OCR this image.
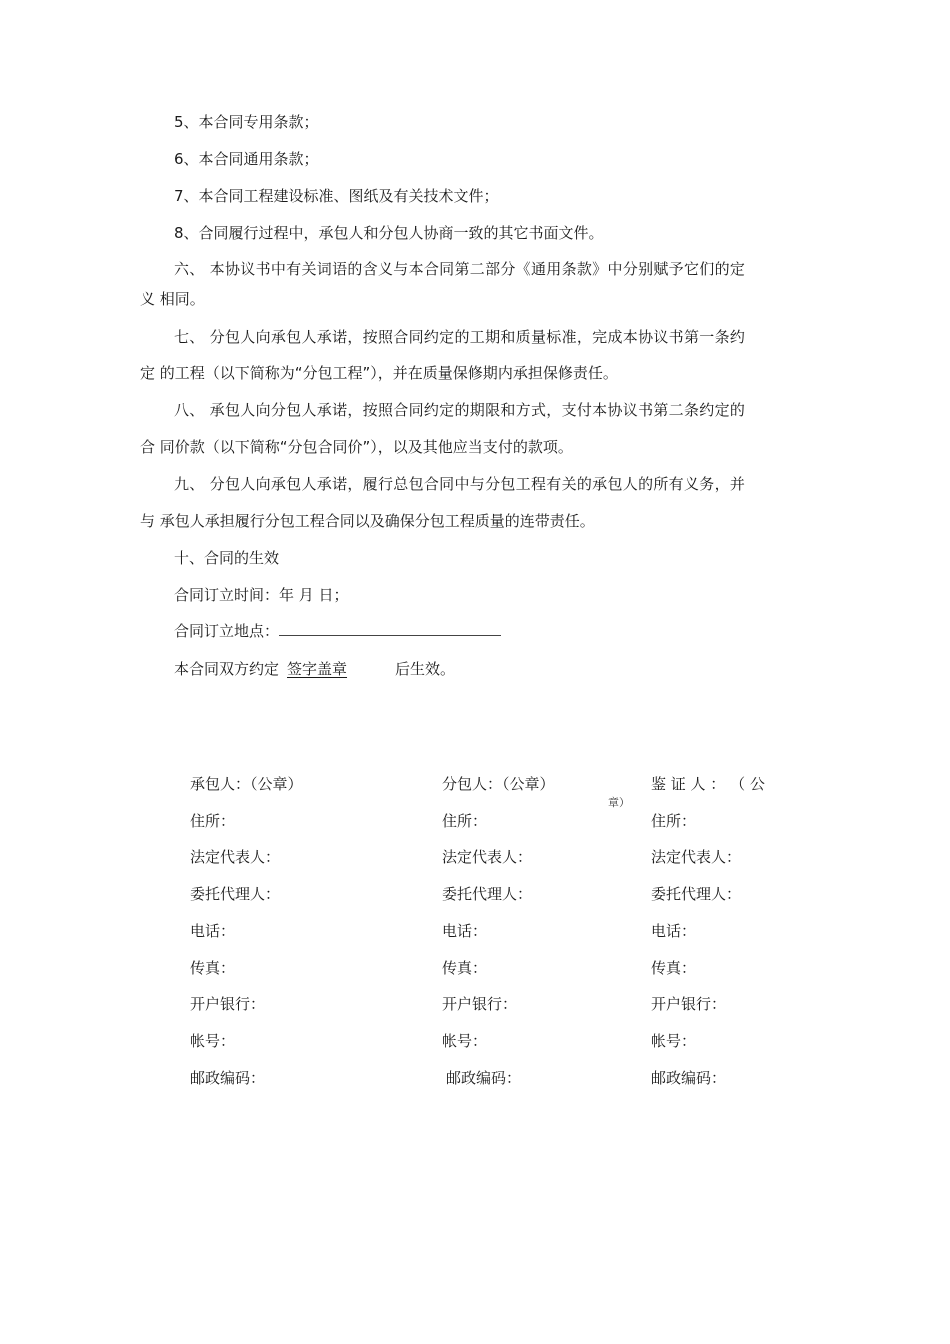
5、本合同专用条款；
6、本合同通用条款；
7、本合同工程建设标准、图纸及有关技术文件；
8、合同履行过程中，承包人和分包人协商一致的其它书面文件。
六、 本协议书中有关词语的含义与本合同第二部分《通用条款》中分别赋予它们的定
义 相同。
七、 分包人向承包人承诺，按照合同约定的工期和质量标准，完成本协议书第一条约
定 的工程（以下简称为“分包工程”），并在质量保修期内承担保修责任。
八、 承包人向分包人承诺，按照合同约定的期限和方式，支付本协议书第二条约定的
合 同价款（以下简称“分包合同价”），以及其他应当支付的款项。
九、 分包人向承包人承诺，履行总包合同中与分包工程有关的承包人的所有义务，并
与 承包人承担履行分包工程合同以及确保分包工程质量的连带责任。
十、合同的生效
合同订立时间：年 月 日；
合同订立地点：
本合同双方约定 签字盖章	后生效。
承包人：（公章）
住所：
法定代表人：
委托代理人：
电话：
传真：
开户银行：
帐号：
邮政编码：
分包人：（公章）
住所：
法定代表人：
委托代理人：
电话：
传真：
开户银行：
帐号：
邮政编码：
章）
鉴 证 人 ： （ 公
住所：
法定代表人：
委托代理人：
电话：
传真：
开户银行：
帐号：
邮政编码：
